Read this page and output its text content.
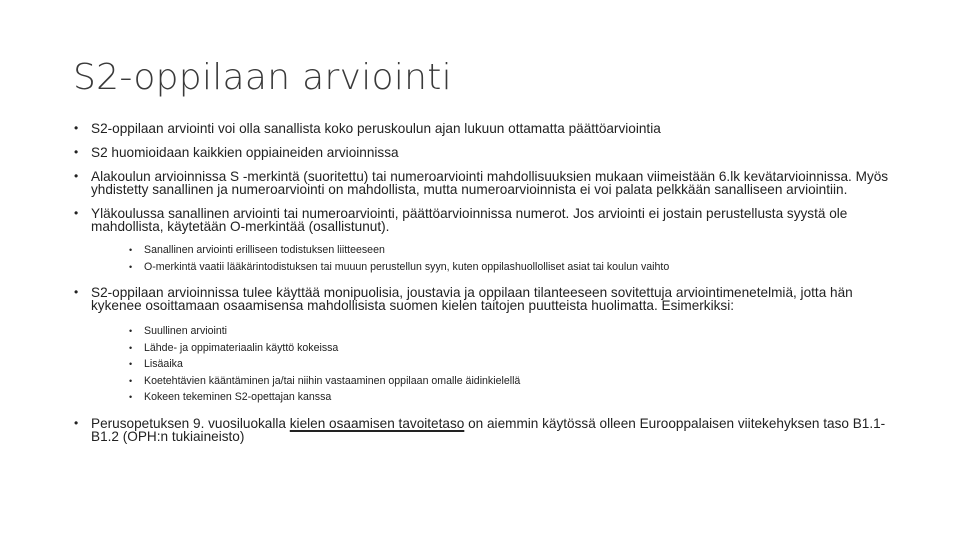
S2-oppilaan arviointi
• S2-oppilaan arviointi voi olla sanallista koko peruskoulun ajan lukuun ottamatta päättöarviointia
• S2 huomioidaan kaikkien oppiaineiden arvioinnissa
• Alakoulun arvioinnissa S -merkintä (suoritettu) tai numeroarviointi mahdollisuuksien mukaan viimeistään 6.lk kevätarvioinnissa. Myös yhdistetty sanallinen ja numeroarviointi on mahdollista, mutta numeroarvioinnista ei voi palata pelkkään sanalliseen arviointiin.
• Yläkoulussa sanallinen arviointi tai numeroarviointi, päättöarvioinnissa numerot. Jos arviointi ei jostain perustellusta syystä ole mahdollista, käytetään O-merkintää (osallistunut).
• Sanallinen arviointi erilliseen todistuksen liitteeseen
• O-merkintä vaatii lääkärintodistuksen tai muuun perustellun syyn, kuten oppilashuollolliset asiat tai koulun vaihto
• S2-oppilaan arvioinnissa tulee käyttää monipuolisia, joustavia ja oppilaan tilanteeseen sovitettuja arviointimenetelmiä, jotta hän kykenee osoittamaan osaamisensa mahdollisista suomen kielen taitojen puutteista huolimatta. Esimerkiksi:
• Suullinen arviointi
• Lähde- ja oppimateriaalin käyttö kokeissa
• Lisäaika
• Koetehtävien kääntäminen ja/tai niihin vastaaminen oppilaan omalle äidinkielellä
• Kokeen tekeminen S2-opettajan kanssa
• Perusopetuksen 9. vuosiluokalla kielen osaamisen tavoitetaso on aiemmin käytössä olleen Eurooppalaisen viitekehyksen taso B1.1-B1.2 (OPH:n tukiaineisto)
